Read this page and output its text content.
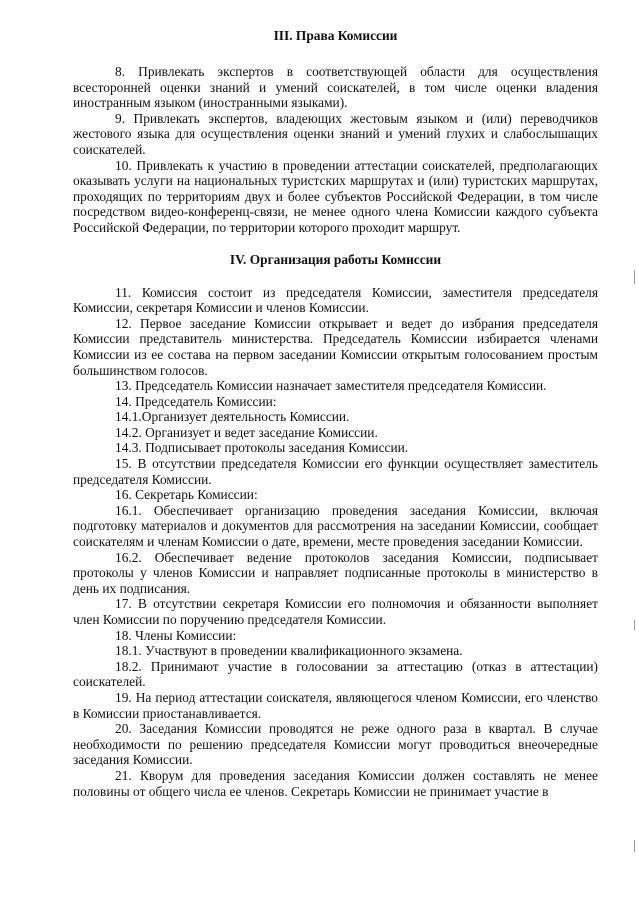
III. Права Комиссии

8. Привлекать экспертов в соответствующей области для осуществления всесторонней оценки знаний и умений соискателей, в том числе оценки владения иностранным языком (иностранными языками).

9. Привлекать экспертов, владеющих жестовым языком и (или) переводчиков жестового языка для осуществления оценки знаний и умений глухих и слабослышащих соискателей.

10. Привлекать к участию в проведении аттестации соискателей, предполагающих оказывать услуги на национальных туристских маршрутах и (или) туристских маршрутах, проходящих по территориям двух и более субъектов Российской Федерации, в том числе посредством видео-конференц-связи, не менее одного члена Комиссии каждого субъекта Российской Федерации, по территории которого проходит маршрут.

IV. Организация работы Комиссии

11. Комиссия состоит из председателя Комиссии, заместителя председателя Комиссии, секретаря Комиссии и членов Комиссии.

12. Первое заседание Комиссии открывает и ведет до избрания председателя Комиссии представитель министерства. Председатель Комиссии избирается членами Комиссии из ее состава на первом заседании Комиссии открытым голосованием простым большинством голосов.

13. Председатель Комиссии назначает заместителя председателя Комиссии.

14. Председатель Комиссии:

14.1.Организует деятельность Комиссии.

14.2. Организует и ведет заседание Комиссии.

14.3. Подписывает протоколы заседания Комиссии.

15. В отсутствии председателя Комиссии его функции осуществляет заместитель председателя Комиссии.

16. Секретарь Комиссии:

16.1. Обеспечивает организацию проведения заседания Комиссии, включая подготовку материалов и документов для рассмотрения на заседании Комиссии, сообщает соискателям и членам Комиссии о дате, времени, месте проведения заседании Комиссии.

16.2. Обеспечивает ведение протоколов заседания Комиссии, подписывает протоколы у членов Комиссии и направляет подписанные протоколы в министерство в день их подписания.

17. В отсутствии секретаря Комиссии его полномочия и обязанности выполняет член Комиссии по поручению председателя Комиссии.

18. Члены Комиссии:

18.1. Участвуют в проведении квалификационного экзамена.

18.2. Принимают участие в голосовании за аттестацию (отказ в аттестации) соискателей.

19. На период аттестации соискателя, являющегося членом Комиссии, его членство в Комиссии приостанавливается.

20. Заседания Комиссии проводятся не реже одного раза в квартал. В случае необходимости по решению председателя Комиссии могут проводиться внеочередные заседания Комиссии.

21. Кворум для проведения заседания Комиссии должен составлять не менее половины от общего числа ее членов. Секретарь Комиссии не принимает участие в
